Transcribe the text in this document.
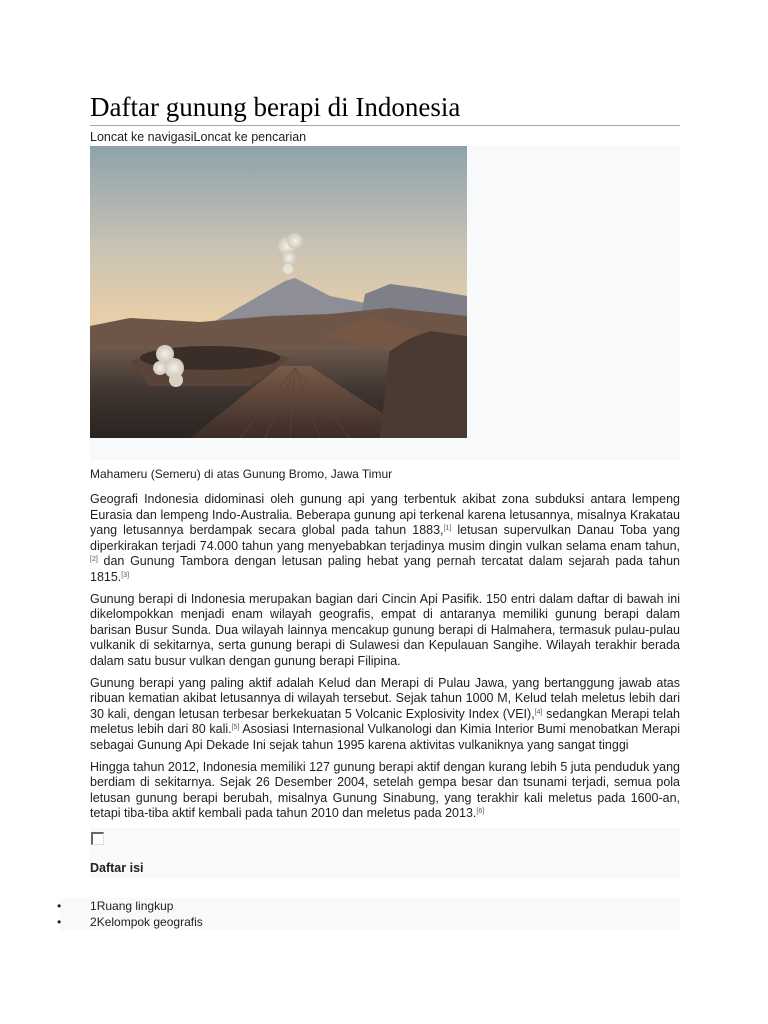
Daftar gunung berapi di Indonesia
Loncat ke navigasiLoncat ke pencarian
Mahameru (Semeru) di atas Gunung Bromo, Jawa Timur

Geografi Indonesia didominasi oleh gunung api yang terbentuk akibat zona subduksi antara lempeng Eurasia dan lempeng Indo-Australia. Beberapa gunung api terkenal karena letusannya, misalnya Krakatau yang letusannya berdampak secara global pada tahun 1883,[1] letusan supervulkan Danau Toba yang diperkirakan terjadi 74.000 tahun yang menyebabkan terjadinya musim dingin vulkan selama enam tahun,[2] dan Gunung Tambora dengan letusan paling hebat yang pernah tercatat dalam sejarah pada tahun 1815.[3]

Gunung berapi di Indonesia merupakan bagian dari Cincin Api Pasifik. 150 entri dalam daftar di bawah ini dikelompokkan menjadi enam wilayah geografis, empat di antaranya memiliki gunung berapi dalam barisan Busur Sunda. Dua wilayah lainnya mencakup gunung berapi di Halmahera, termasuk pulau-pulau vulkanik di sekitarnya, serta gunung berapi di Sulawesi dan Kepulauan Sangihe. Wilayah terakhir berada dalam satu busur vulkan dengan gunung berapi Filipina.

Gunung berapi yang paling aktif adalah Kelud dan Merapi di Pulau Jawa, yang bertanggung jawab atas ribuan kematian akibat letusannya di wilayah tersebut. Sejak tahun 1000 M, Kelud telah meletus lebih dari 30 kali, dengan letusan terbesar berkekuatan 5 Volcanic Explosivity Index (VEI),[4] sedangkan Merapi telah meletus lebih dari 80 kali.[5] Asosiasi Internasional Vulkanologi dan Kimia Interior Bumi menobatkan Merapi sebagai Gunung Api Dekade Ini sejak tahun 1995 karena aktivitas vulkaniknya yang sangat tinggi

Hingga tahun 2012, Indonesia memiliki 127 gunung berapi aktif dengan kurang lebih 5 juta penduduk yang berdiam di sekitarnya. Sejak 26 Desember 2004, setelah gempa besar dan tsunami terjadi, semua pola letusan gunung berapi berubah, misalnya Gunung Sinabung, yang terakhir kali meletus pada 1600-an, tetapi tiba-tiba aktif kembali pada tahun 2010 dan meletus pada 2013.[6]

Daftar isi
• 1Ruang lingkup
• 2Kelompok geografis
